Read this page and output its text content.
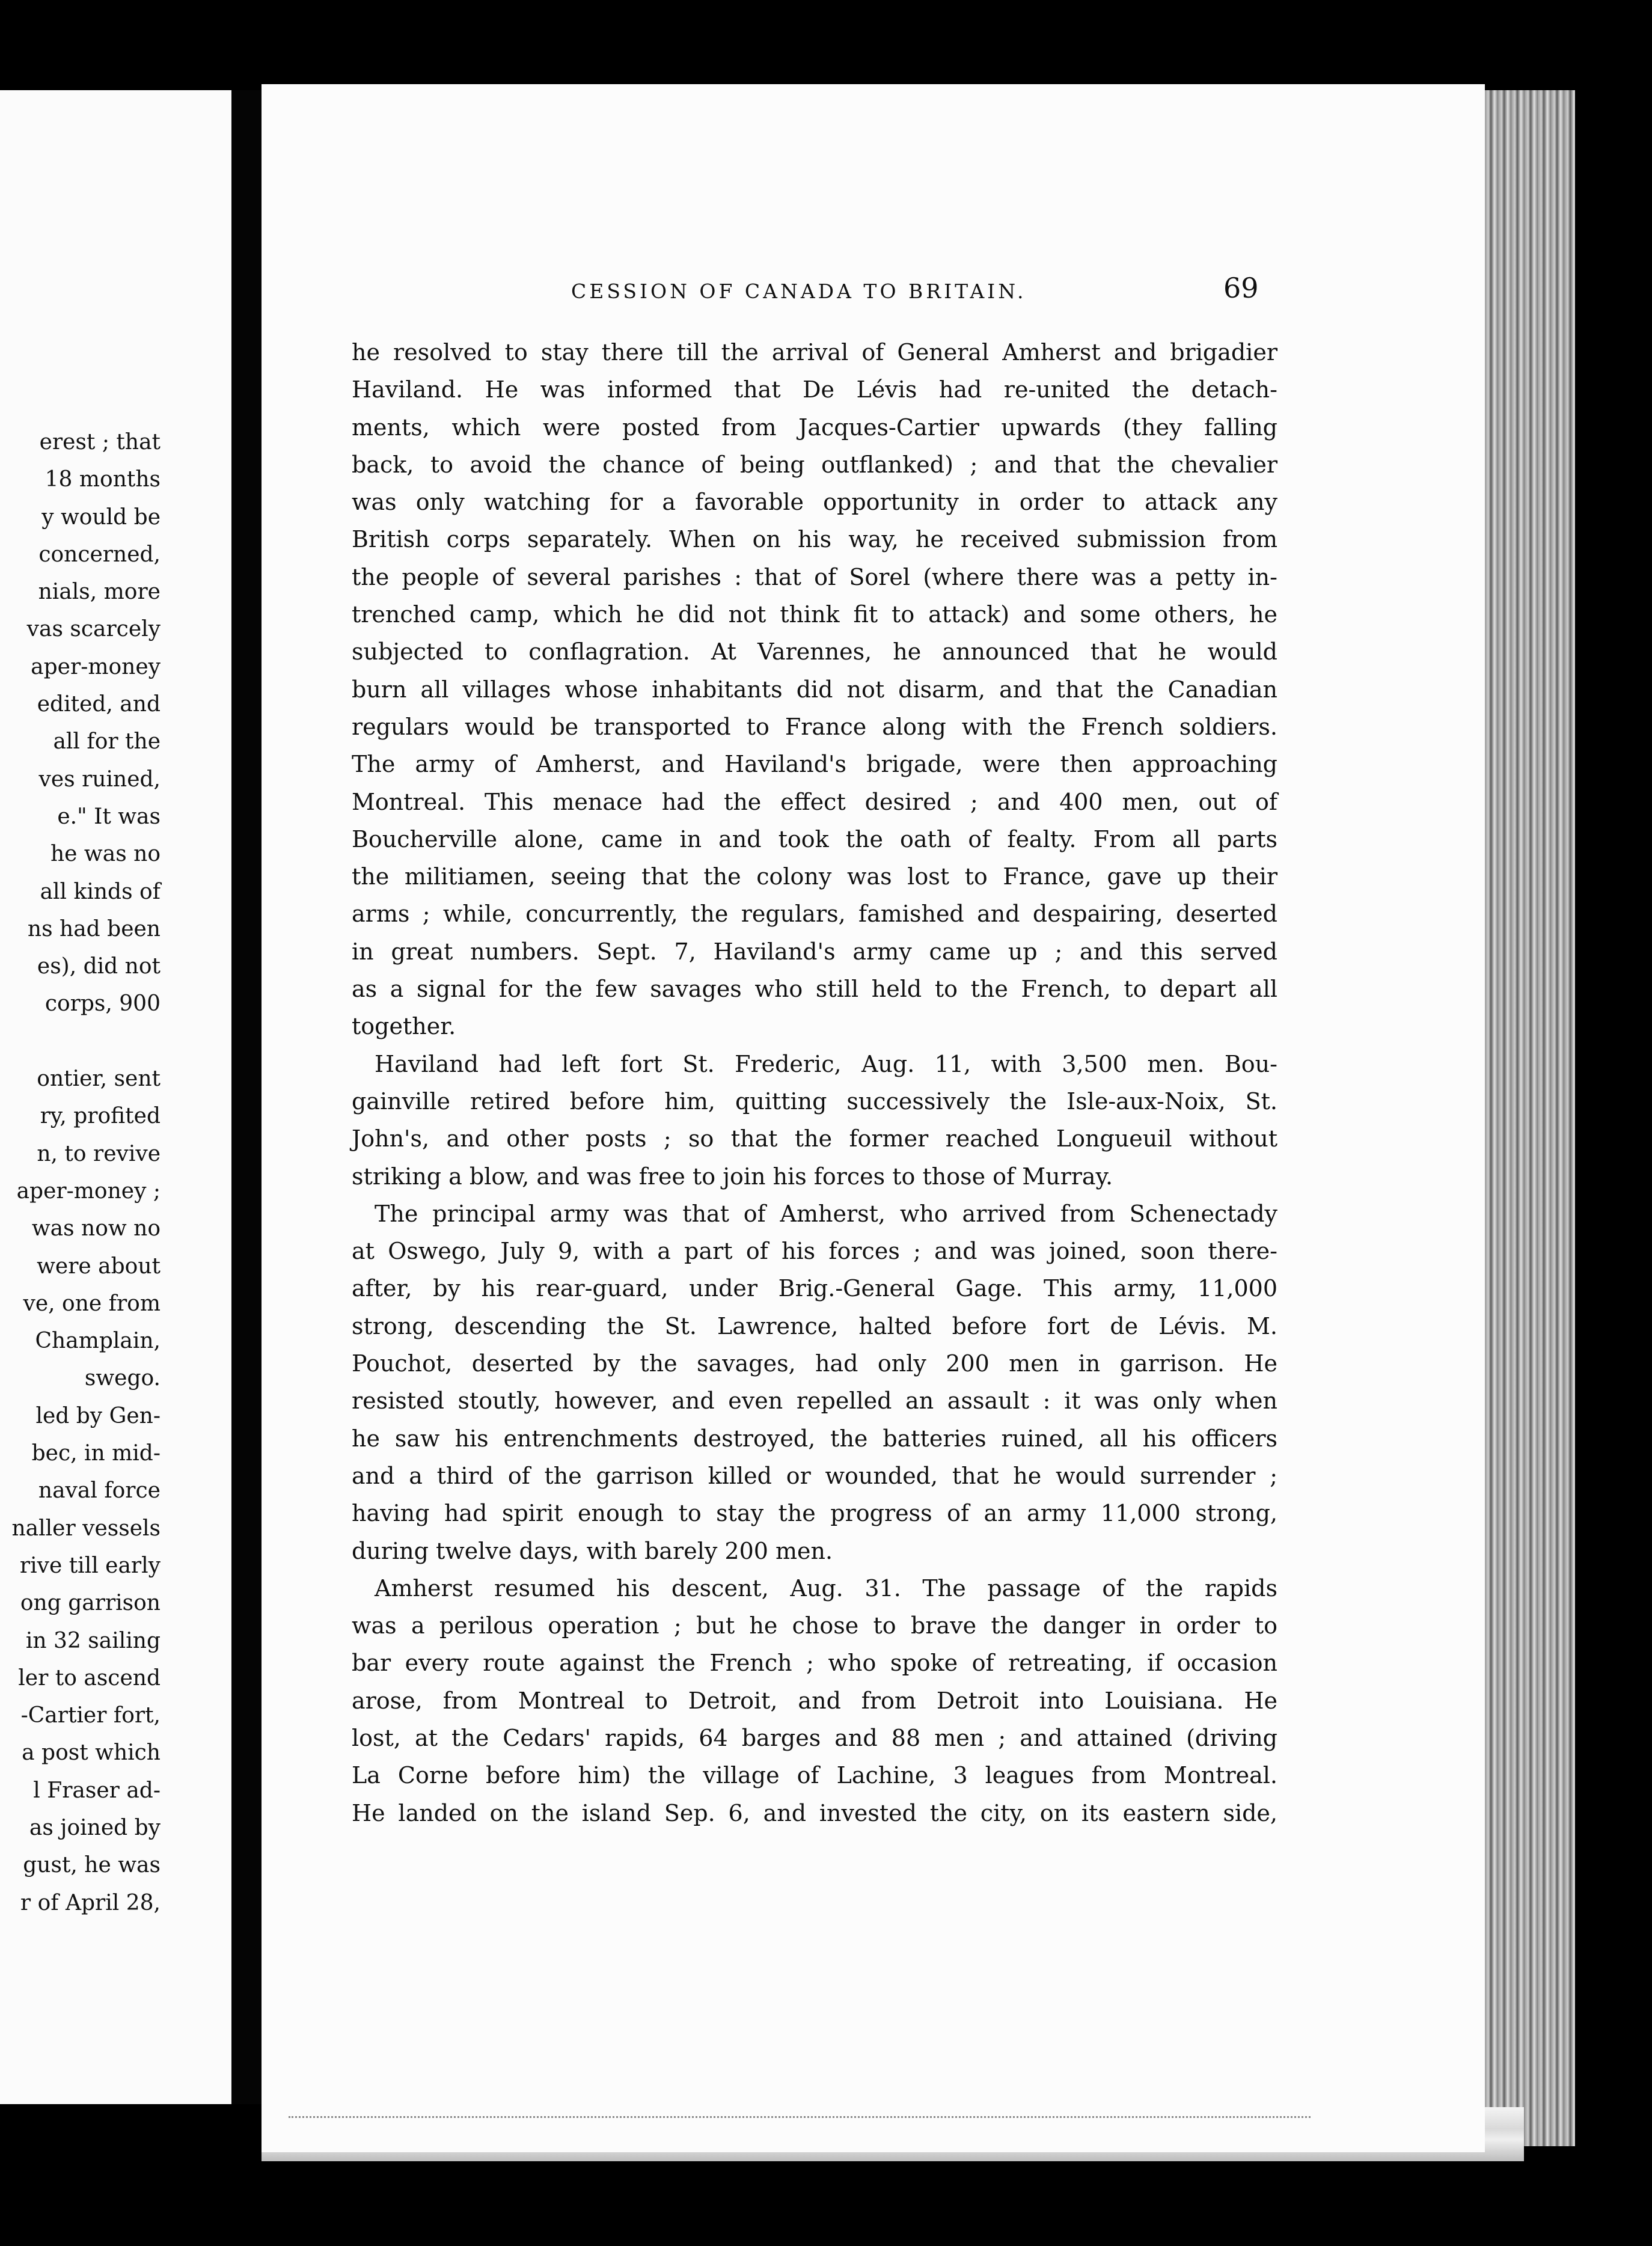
erest ; that
18 months
y would be
concerned,
nials, more
vas scarcely
aper-money
edited, and
all for the
ves ruined,
e." It was
he was no
all kinds of
ns had been
es), did not
corps, 900
ontier, sent
ry, profited
n, to revive
aper-money ;
was now no
were about
ve, one from
Champlain,
swego.
led by Gen-
bec, in mid-
naval force
naller vessels
rive till early
ong garrison
in 32 sailing
ler to ascend
-Cartier fort,
a post which
l Fraser ad-
as joined by
gust, he was
r of April 28,
CESSION OF CANADA TO BRITAIN.	69
he resolved to stay there till the arrival of General Amherst and brigadier
Haviland. He was informed that De Lévis had re-united the detach-
ments, which were posted from Jacques-Cartier upwards (they falling
back, to avoid the chance of being outflanked) ; and that the chevalier
was only watching for a favorable opportunity in order to attack any
British corps separately. When on his way, he received submission from
the people of several parishes : that of Sorel (where there was a petty in-
trenched camp, which he did not think fit to attack) and some others, he
subjected to conflagration. At Varennes, he announced that he would
burn all villages whose inhabitants did not disarm, and that the Canadian
regulars would be transported to France along with the French soldiers.
The army of Amherst, and Haviland's brigade, were then approaching
Montreal. This menace had the effect desired ; and 400 men, out of
Boucherville alone, came in and took the oath of fealty. From all parts
the militiamen, seeing that the colony was lost to France, gave up their
arms ; while, concurrently, the regulars, famished and despairing, deserted
in great numbers. Sept. 7, Haviland's army came up ; and this served
as a signal for the few savages who still held to the French, to depart all
together.
Haviland had left fort St. Frederic, Aug. 11, with 3,500 men. Bou-
gainville retired before him, quitting successively the Isle-aux-Noix, St.
John's, and other posts ; so that the former reached Longueuil without
striking a blow, and was free to join his forces to those of Murray.
The principal army was that of Amherst, who arrived from Schenectady
at Oswego, July 9, with a part of his forces ; and was joined, soon there-
after, by his rear-guard, under Brig.-General Gage. This army, 11,000
strong, descending the St. Lawrence, halted before fort de Lévis. M.
Pouchot, deserted by the savages, had only 200 men in garrison. He
resisted stoutly, however, and even repelled an assault : it was only when
he saw his entrenchments destroyed, the batteries ruined, all his officers
and a third of the garrison killed or wounded, that he would surrender ;
having had spirit enough to stay the progress of an army 11,000 strong,
during twelve days, with barely 200 men.
Amherst resumed his descent, Aug. 31. The passage of the rapids
was a perilous operation ; but he chose to brave the danger in order to
bar every route against the French ; who spoke of retreating, if occasion
arose, from Montreal to Detroit, and from Detroit into Louisiana. He
lost, at the Cedars' rapids, 64 barges and 88 men ; and attained (driving
La Corne before him) the village of Lachine, 3 leagues from Montreal.
He landed on the island Sep. 6, and invested the city, on its eastern side,
